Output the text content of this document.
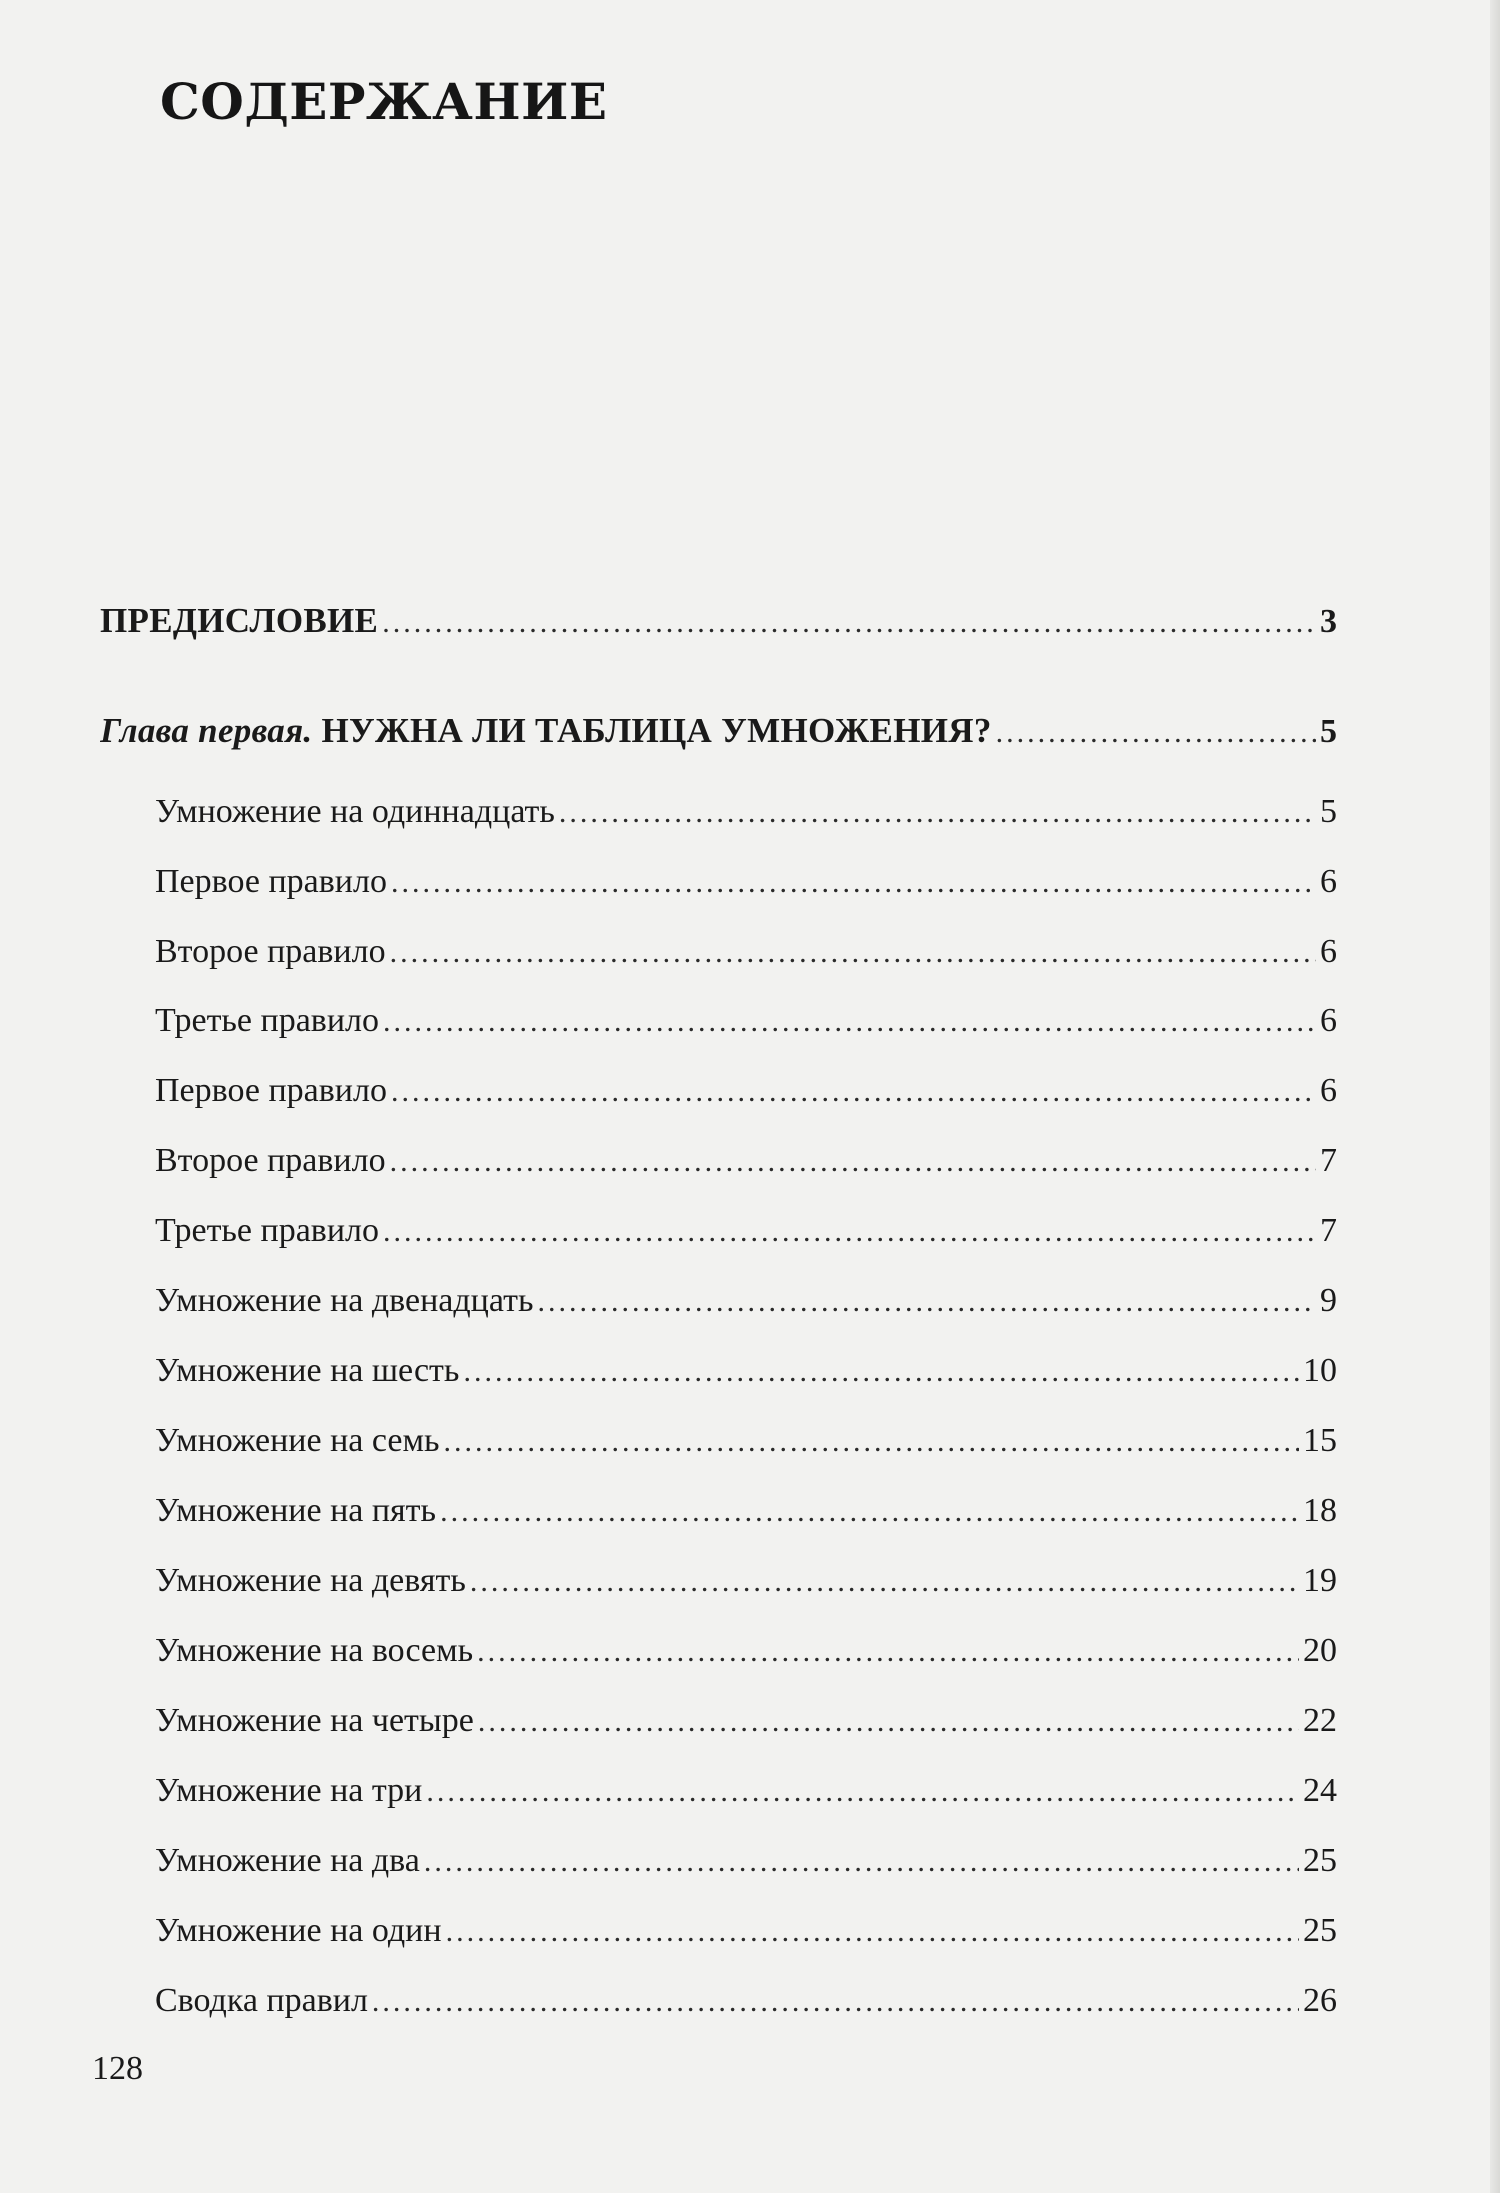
СОДЕРЖАНИЕ
ПРЕДИСЛОВИЕ .....	3
Глава первая. НУЖНА ЛИ ТАБЛИЦА УМНОЖЕНИЯ? .....	5
Умножение на одиннадцать .....	5
Первое правило .....	6
Второе правило .....	6
Третье правило .....	6
Первое правило .....	6
Второе правило .....	7
Третье правило .....	7
Умножение на двенадцать .....	9
Умножение на шесть .....	10
Умножение на семь .....	15
Умножение на пять .....	18
Умножение на девять .....	19
Умножение на восемь .....	20
Умножение на четыре .....	22
Умножение на три .....	24
Умножение на два .....	25
Умножение на один .....	25
Сводка правил .....	26
128
